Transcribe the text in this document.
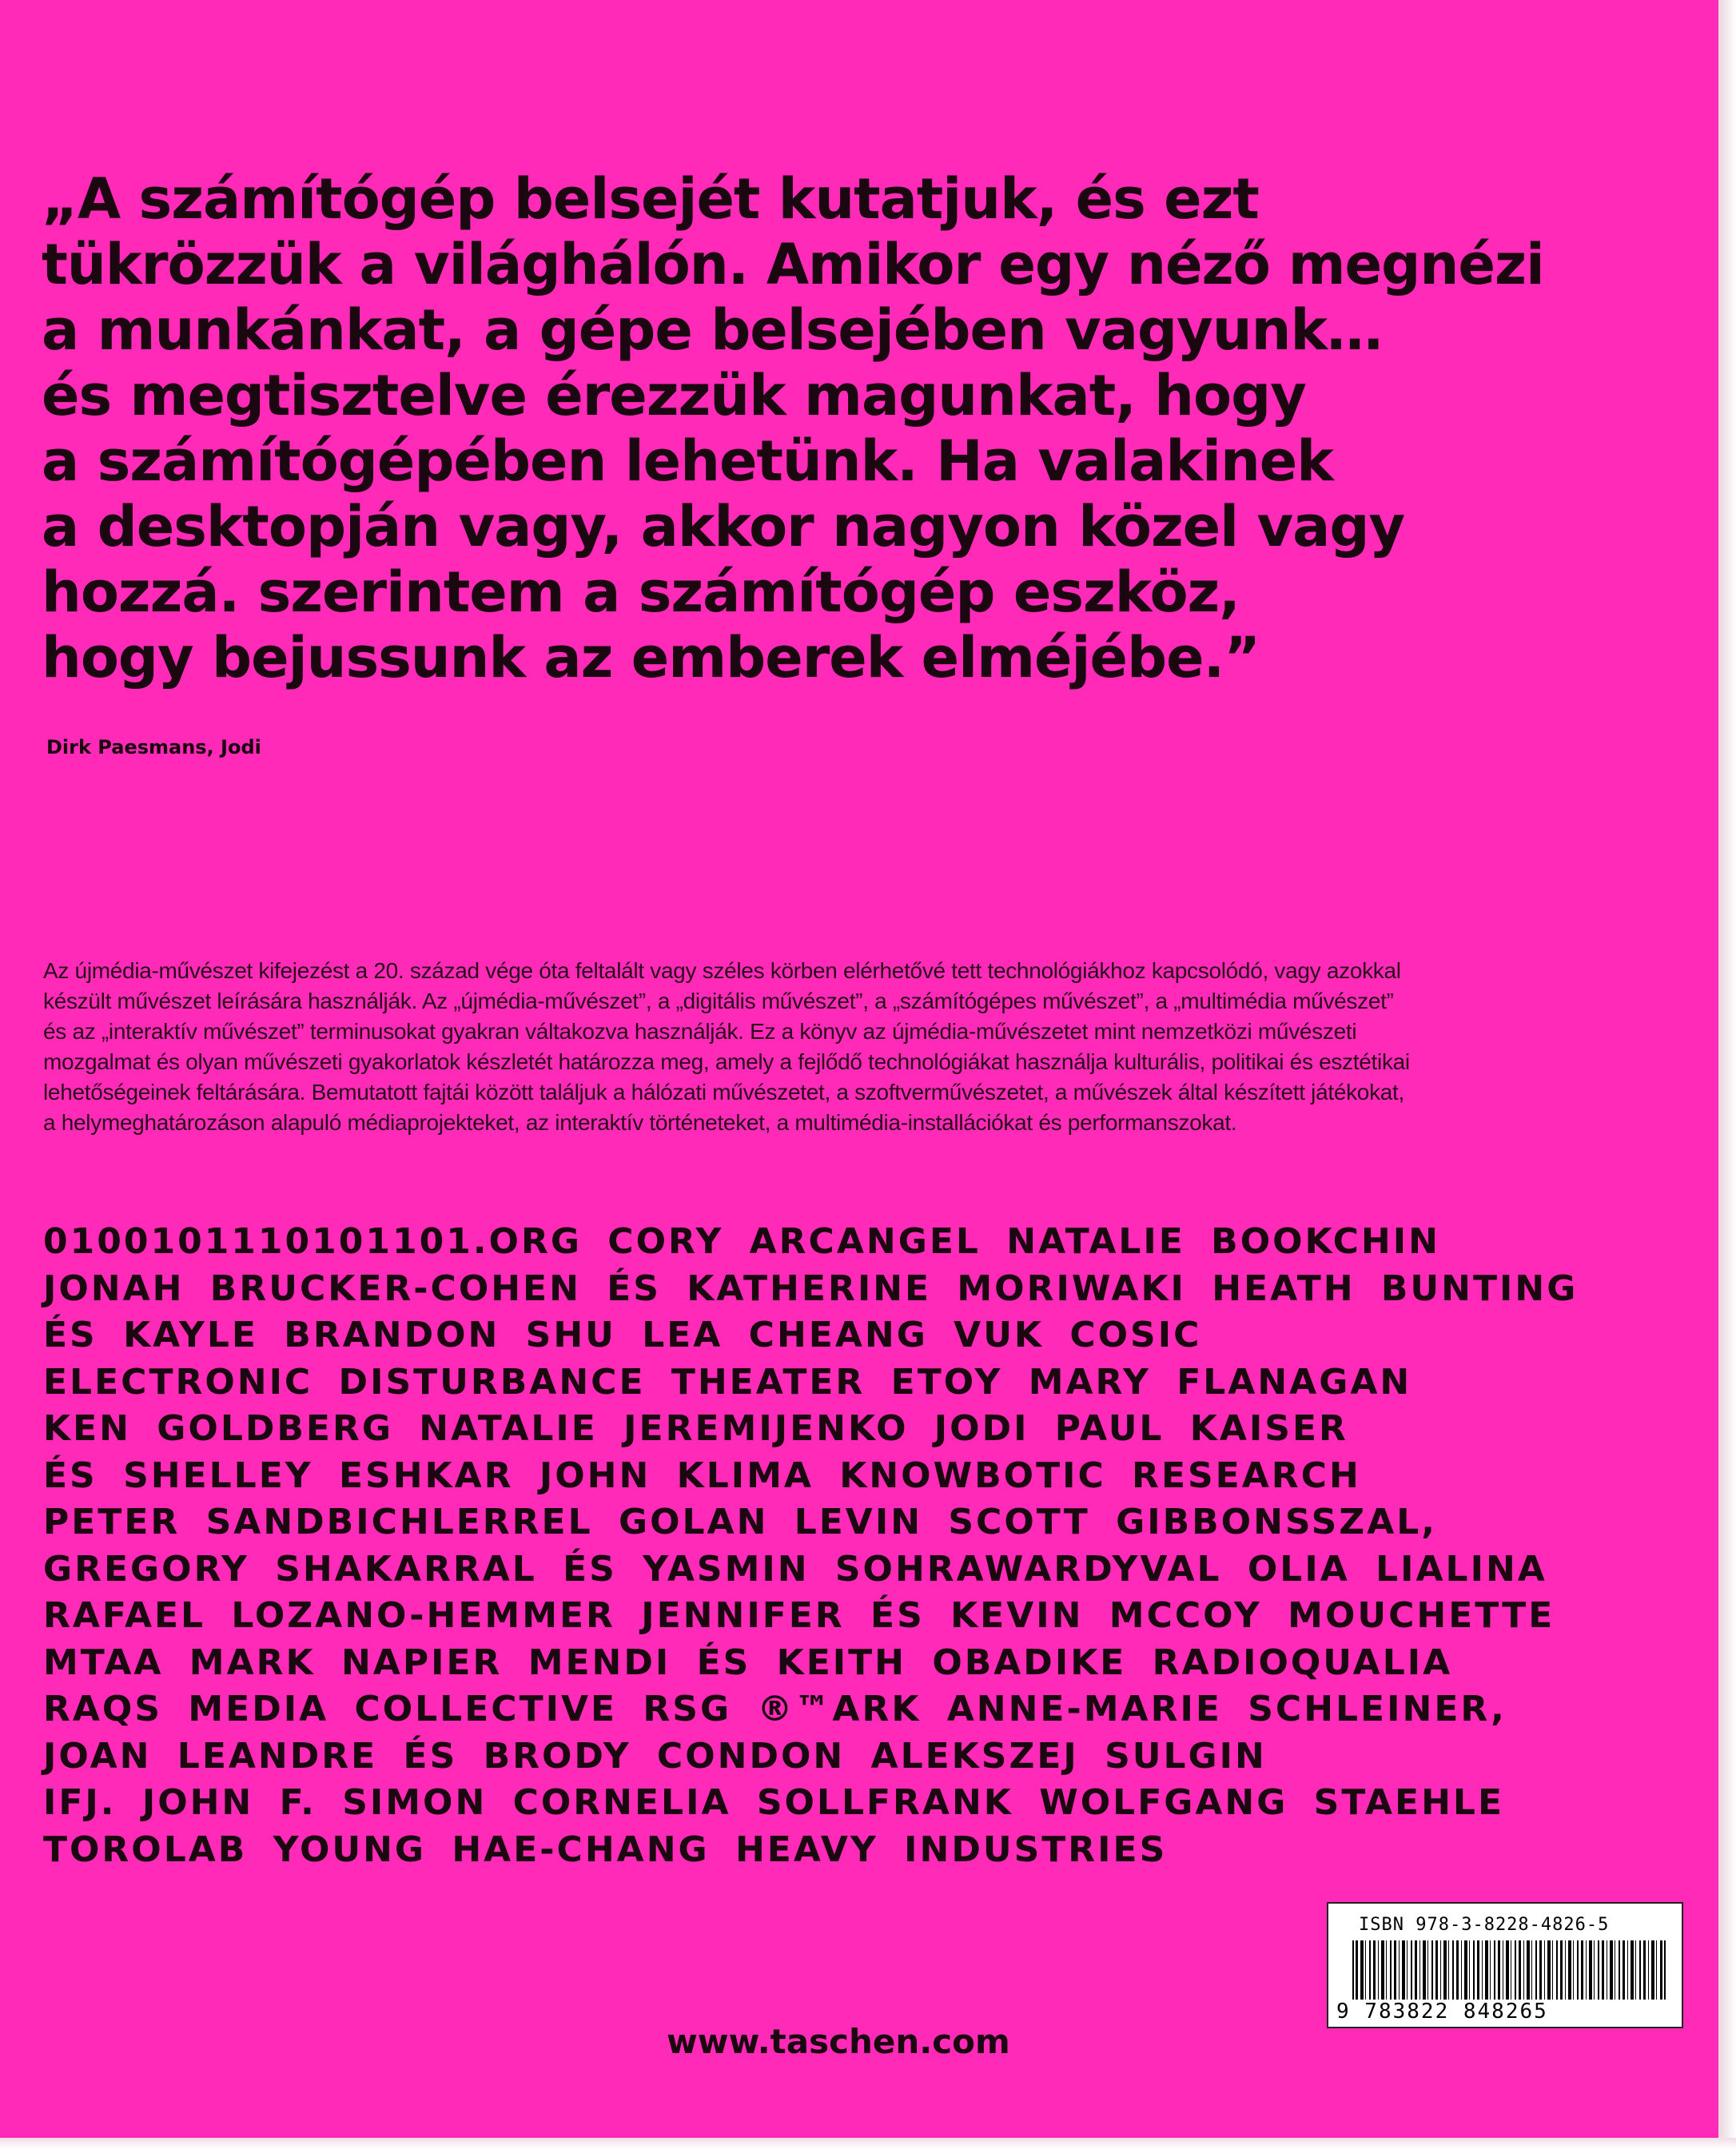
„A számítógép belsejét kutatjuk, és ezt
tükrözzük a világhálón. Amikor egy néző megnézi
a munkánkat, a gépe belsejében vagyunk…
és megtisztelve érezzük magunkat, hogy
a számítógépében lehetünk. Ha valakinek
a desktopján vagy, akkor nagyon közel vagy
hozzá. szerintem a számítógép eszköz,
hogy bejussunk az emberek elméjébe.”

Dirk Paesmans, Jodi

Az újmédia-művészet kifejezést a 20. század vége óta feltalált vagy széles körben elérhetővé tett technológiákhoz kapcsolódó, vagy azokkal
készült művészet leírására használják. Az „újmédia-művészet”, a „digitális művészet”, a „számítógépes művészet”, a „multimédia művészet”
és az „interaktív művészet” terminusokat gyakran váltakozva használják. Ez a könyv az újmédia-művészetet mint nemzetközi művészeti
mozgalmat és olyan művészeti gyakorlatok készletét határozza meg, amely a fejlődő technológiákat használja kulturális, politikai és esztétikai
lehetőségeinek feltárására. Bemutatott fajtái között találjuk a hálózati művészetet, a szoftverművészetet, a művészek által készített játékokat,
a helymeghatározáson alapuló médiaprojekteket, az interaktív történeteket, a multimédia-installációkat és performanszokat.
0100101110101101.ORG CORY ARCANGEL NATALIE BOOKCHIN
JONAH BRUCKER-COHEN ÉS KATHERINE MORIWAKI HEATH BUNTING
ÉS KAYLE BRANDON SHU LEA CHEANG VUK COSIC
ELECTRONIC DISTURBANCE THEATER ETOY MARY FLANAGAN
KEN GOLDBERG NATALIE JEREMIJENKO JODI PAUL KAISER
ÉS SHELLEY ESHKAR JOHN KLIMA KNOWBOTIC RESEARCH
PETER SANDBICHLERREL GOLAN LEVIN SCOTT GIBBONSSZAL,
GREGORY SHAKARRAL ÉS YASMIN SOHRAWARDYVAL OLIA LIALINA
RAFAEL LOZANO-HEMMER JENNIFER ÉS KEVIN MCCOY MOUCHETTE
MTAA MARK NAPIER MENDI ÉS KEITH OBADIKE RADIOQUALIA
RAQS MEDIA COLLECTIVE RSG ®™ARK ANNE-MARIE SCHLEINER,
JOAN LEANDRE ÉS BRODY CONDON ALEKSZEJ SULGIN
IFJ. JOHN F. SIMON CORNELIA SOLLFRANK WOLFGANG STAEHLE
TOROLAB YOUNG HAE-CHANG HEAVY INDUSTRIES
ISBN 978-3-8228-4826-5
9 783822 848265

www.taschen.com
